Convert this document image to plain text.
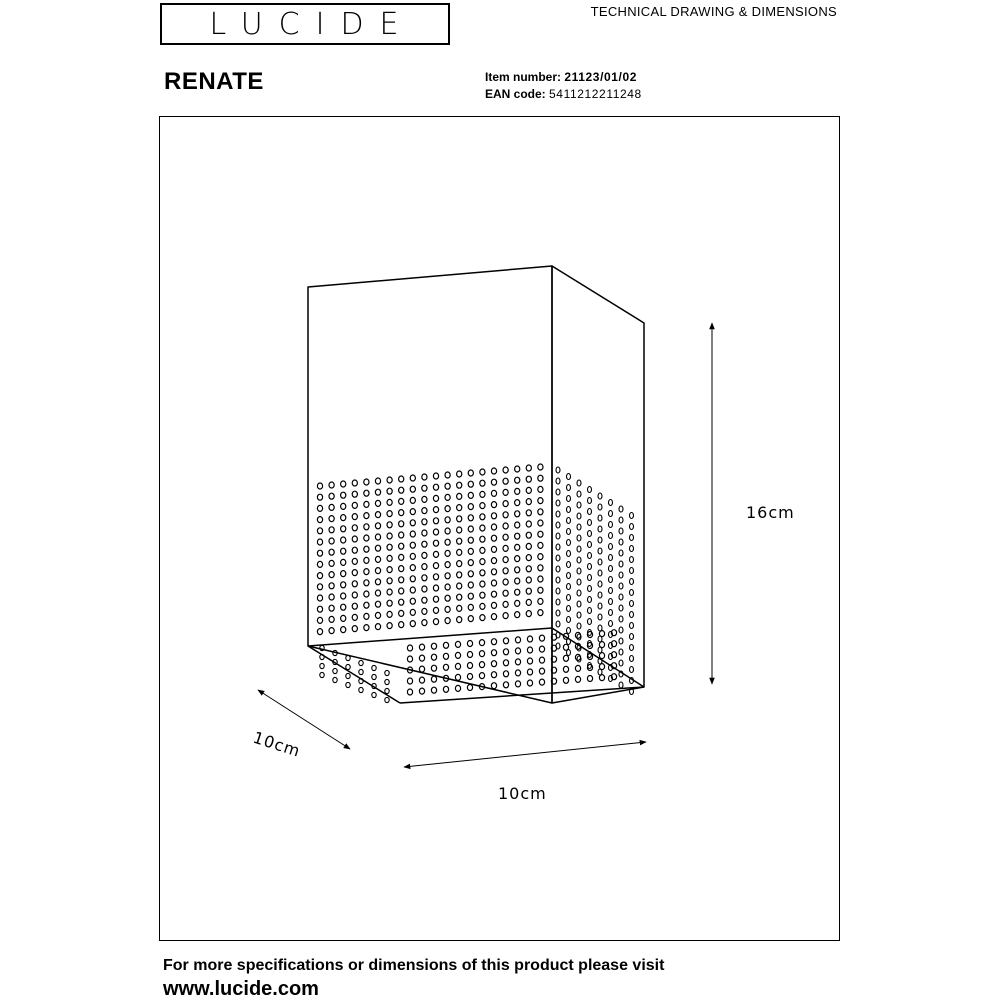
LUCIDE	TECHNICAL DRAWING & DIMENSIONS
RENATE	Item number: 21123/01/02
EAN code: 5411212211248
16cm
10cm
10cm
For more specifications or dimensions of this product please visit
www.lucide.com
